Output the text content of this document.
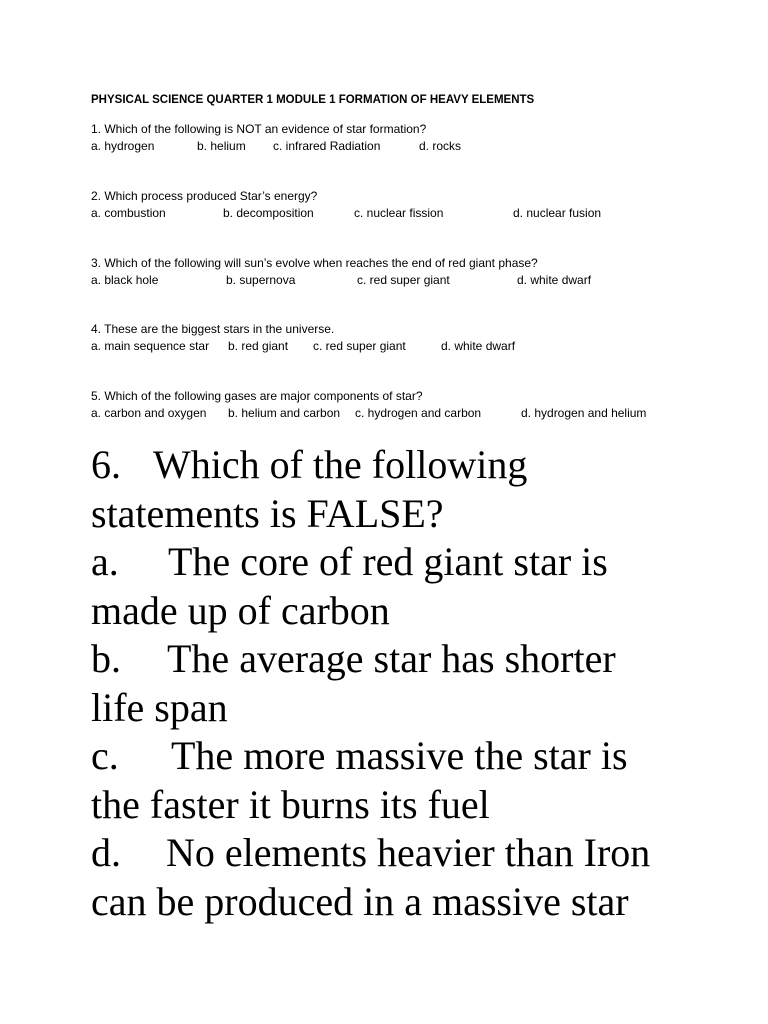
PHYSICAL SCIENCE QUARTER 1 MODULE 1 FORMATION OF HEAVY ELEMENTS
1. Which of the following is NOT an evidence of star formation?
a. hydrogen	b. helium c. infrared Radiation	d. rocks
2. Which process produced Star’s energy?
a. combustion	b. decomposition	c. nuclear fission	d. nuclear fusion
3. Which of the following will sun’s evolve when reaches the end of red giant phase?
a. black hole	b. supernova	c. red super giant	d. white dwarf
4. These are the biggest stars in the universe.
a. main sequence star b. red giant c. red super giant	d. white dwarf
5. Which of the following gases are major components of star?
a. carbon and oxygen b. helium and carbon c. hydrogen and carbon	d. hydrogen and helium
6. Which of the following
statements is FALSE?
a. The core of red giant star is
made up of carbon
b. The average star has shorter
life span
c. The more massive the star is
the faster it burns its fuel
d. No elements heavier than Iron
can be produced in a massive star
